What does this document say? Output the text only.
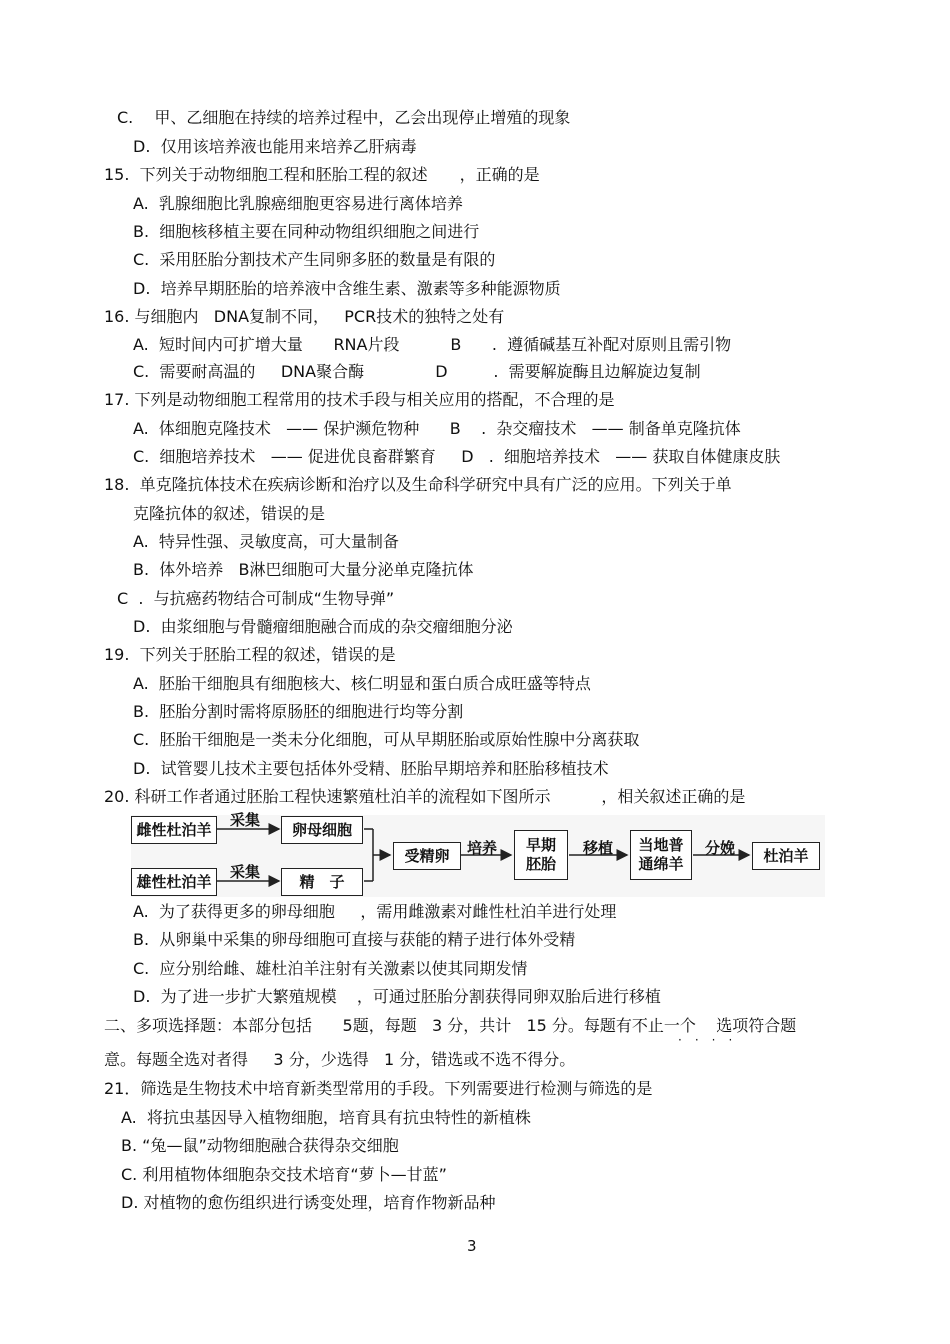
C.　 甲、乙细胞在持续的培养过程中，乙会出现停止增殖的现象
D.  仅用该培养液也能用来培养乙肝病毒
15.  下列关于动物细胞工程和胚胎工程的叙述　　，正确的是
A.  乳腺细胞比乳腺癌细胞更容易进行离体培养
B.  细胞核移植主要在同种动物组织细胞之间进行
C.  采用胚胎分割技术产生同卵多胚的数量是有限的
D.  培养早期胚胎的培养液中含维生素、激素等多种能源物质
16. 与细胞内   DNA复制不同，   PCR技术的独特之处有
A.  短时间内可扩增大量      RNA片段          B      .  遵循碱基互补配对原则且需引物
C.  需要耐高温的     DNA聚合酶              D         .  需要解旋酶且边解旋边复制
17. 下列是动物细胞工程常用的技术手段与相关应用的搭配，不合理的是
A.  体细胞克隆技术   —— 保护濒危物种      B    .  杂交瘤技术   —— 制备单克隆抗体
C.  细胞培养技术   —— 促进优良畜群繁育     D   .  细胞培养技术   —— 获取自体健康皮肤
18.  单克隆抗体技术在疾病诊断和治疗以及生命科学研究中具有广泛的应用。下列关于单
克隆抗体的叙述，错误的是
A.  特异性强、灵敏度高，可大量制备
B.  体外培养   B淋巴细胞可大量分泌单克隆抗体
C  .  与抗癌药物结合可制成“生物导弹”
D.  由浆细胞与骨髓瘤细胞融合而成的杂交瘤细胞分泌
19.  下列关于胚胎工程的叙述，错误的是
A.  胚胎干细胞具有细胞核大、核仁明显和蛋白质合成旺盛等特点
B.  胚胎分割时需将原肠胚的细胞进行均等分割
C.  胚胎干细胞是一类未分化细胞，可从早期胚胎或原始性腺中分离获取
D.  试管婴儿技术主要包括体外受精、胚胎早期培养和胚胎移植技术
20. 科研工作者通过胚胎工程快速繁殖杜泊羊的流程如下图所示          ，相关叙述正确的是
A.  为了获得更多的卵母细胞     ，需用雌激素对雌性杜泊羊进行处理
B.  从卵巢中采集的卵母细胞可直接与获能的精子进行体外受精
C.  应分别给雌、雄杜泊羊注射有关激素以使其同期发情
D.  为了进一步扩大繁殖规模    ，可通过胚胎分割获得同卵双胎后进行移植
二、多项选择题：本部分包括      5题，每题   3 分，共计   15 分。每题有不止一个    选项符合题
意。每题全选对者得     3 分，少选得   1 分，错选或不选不得分。
21．筛选是生物技术中培育新类型常用的手段。下列需要进行检测与筛选的是
A.  将抗虫基因导入植物细胞，培育具有抗虫特性的新植株
B. “兔—鼠”动物细胞融合获得杂交细胞
C. 利用植物体细胞杂交技术培育“萝卜—甘蓝”
D. 对植物的愈伤组织进行诱变处理，培育作物新品种
雌性杜泊羊
雄性杜泊羊
采集
采集
卵母细胞
精　子
受精卵	培养	早期
胚胎
移植	当地普
通绵羊
分娩	杜泊羊
····
3
